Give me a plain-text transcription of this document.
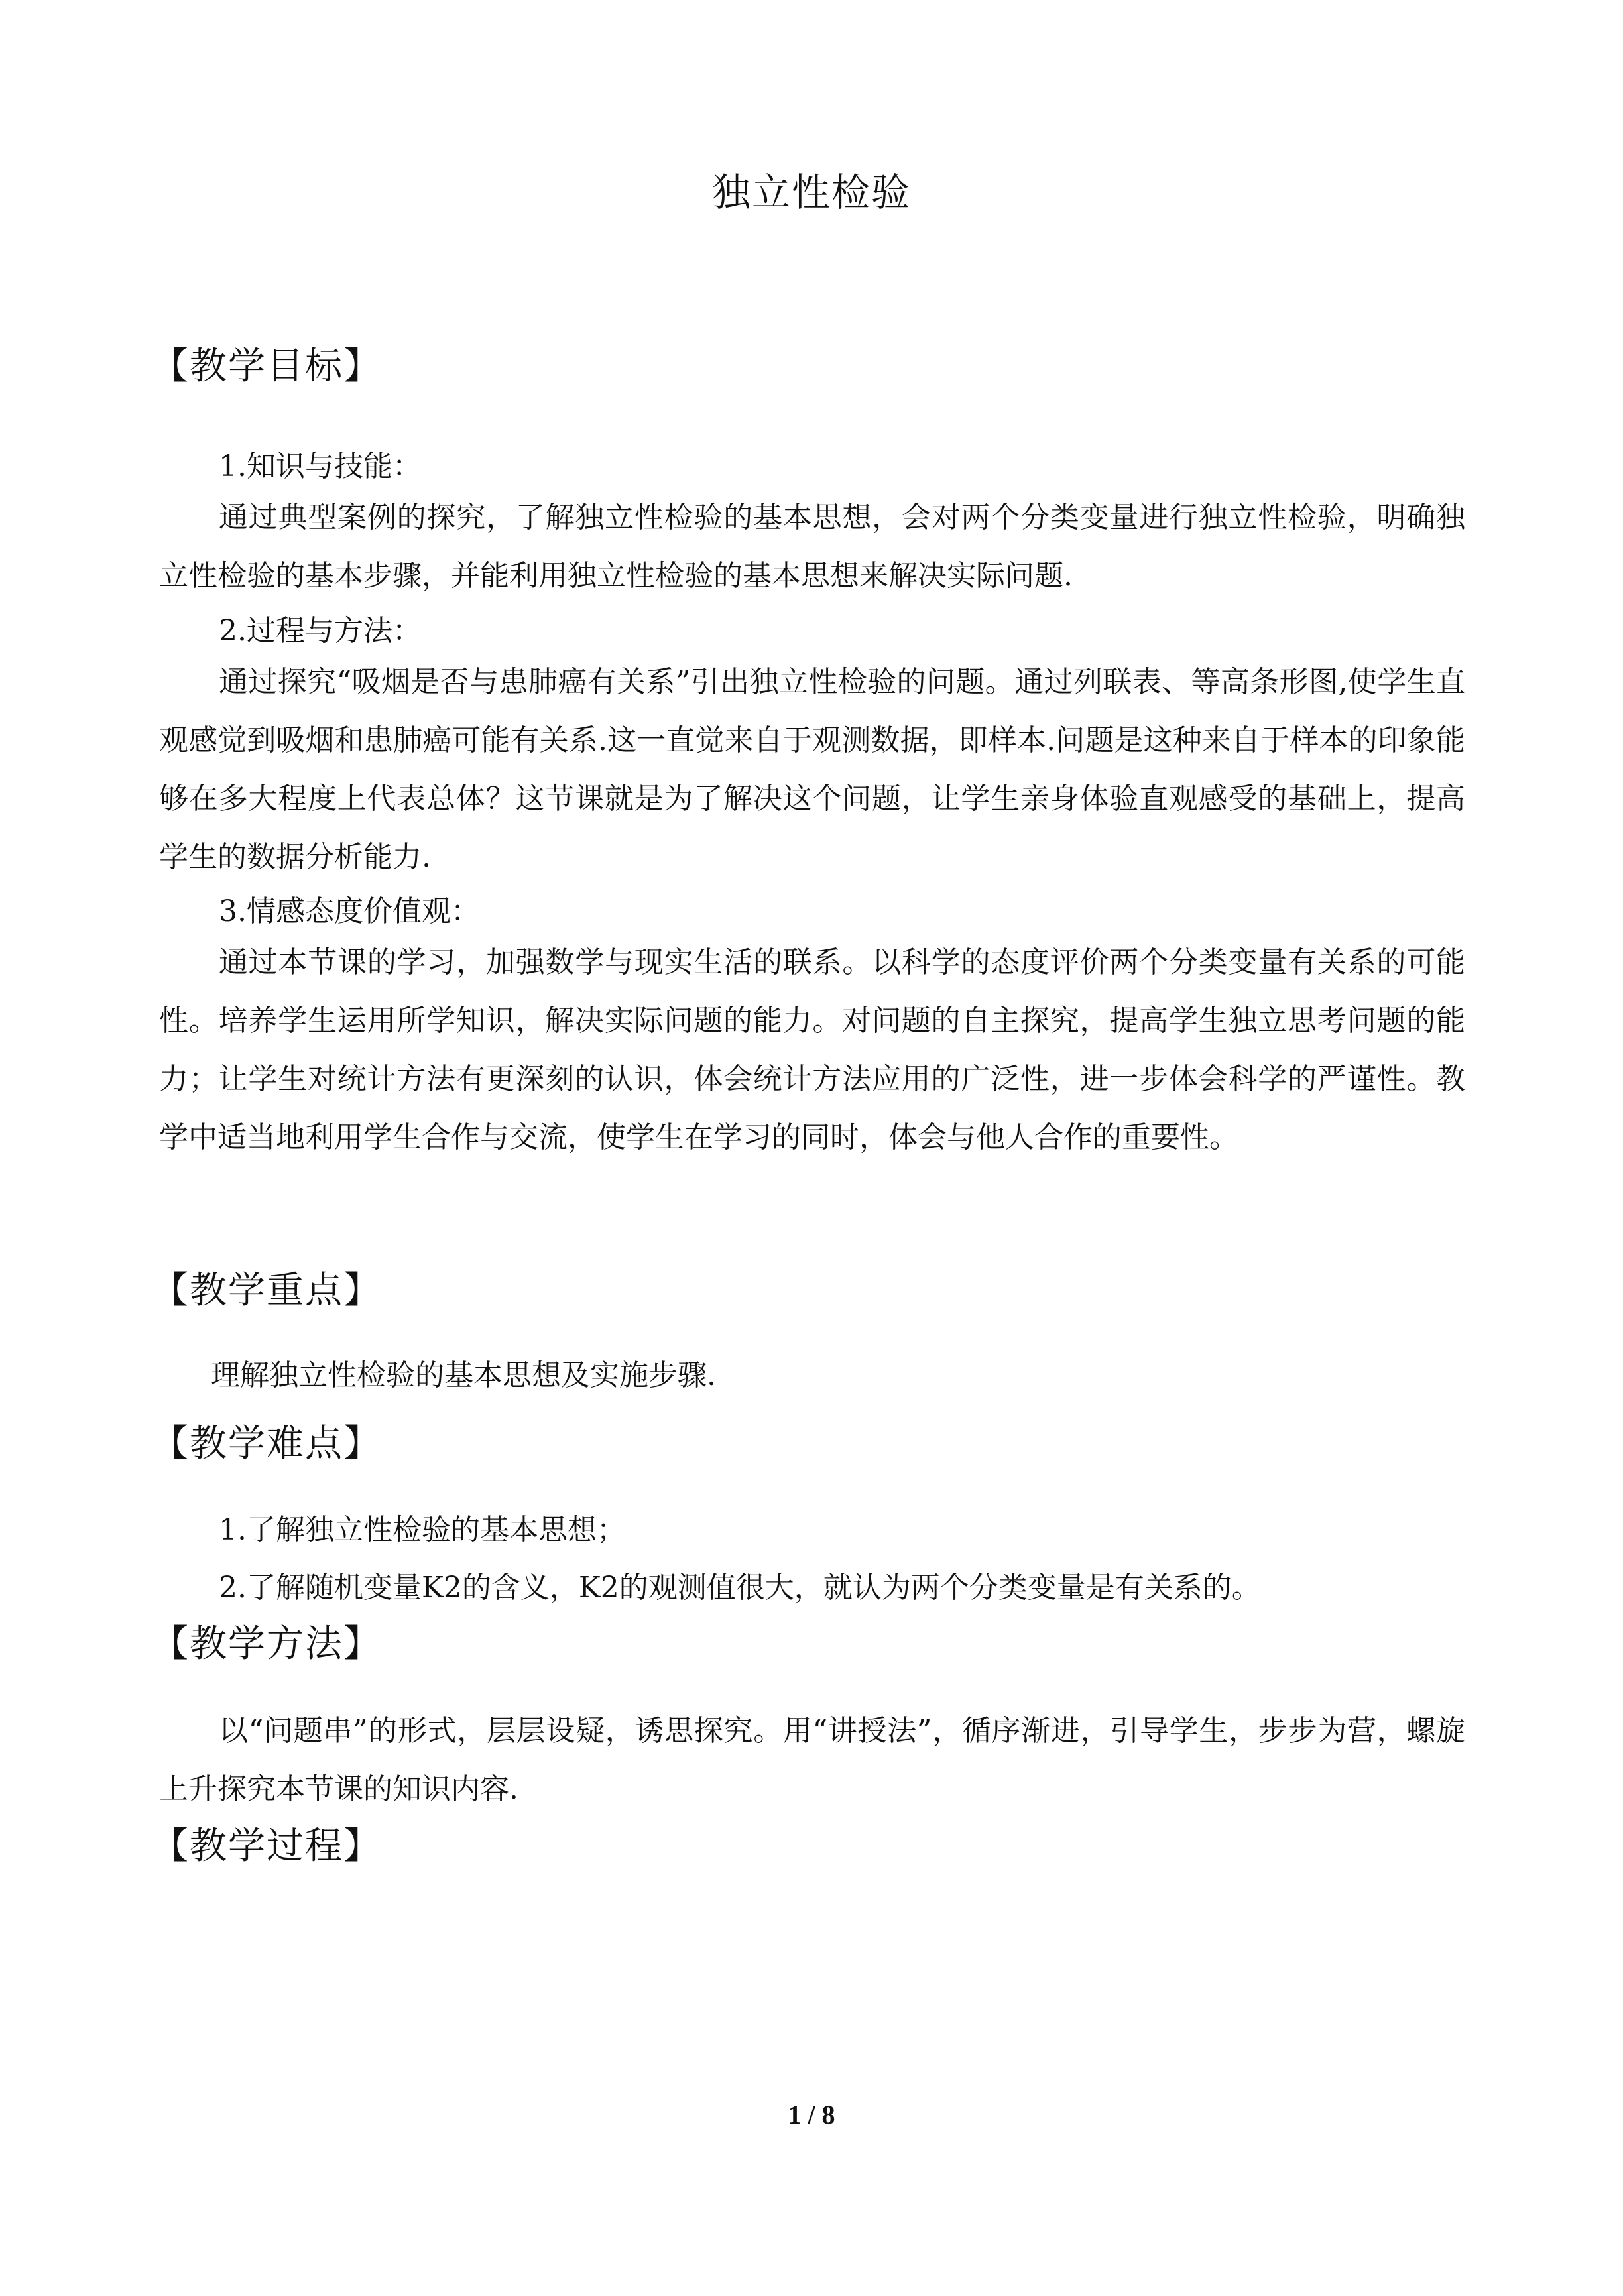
独立性检验
【教学目标】
1.知识与技能：

通过典型案例的探究，了解独立性检验的基本思想，会对两个分类变量进行独立性检验，明确独立性检验的基本步骤，并能利用独立性检验的基本思想来解决实际问题.

2.过程与方法：

通过探究“吸烟是否与患肺癌有关系”引出独立性检验的问题。通过列联表、等高条形图,使学生直观感觉到吸烟和患肺癌可能有关系.这一直觉来自于观测数据，即样本.问题是这种来自于样本的印象能够在多大程度上代表总体？这节课就是为了解决这个问题，让学生亲身体验直观感受的基础上，提高学生的数据分析能力.

3.情感态度价值观：

通过本节课的学习，加强数学与现实生活的联系。以科学的态度评价两个分类变量有关系的可能性。培养学生运用所学知识，解决实际问题的能力。对问题的自主探究，提高学生独立思考问题的能力；让学生对统计方法有更深刻的认识，体会统计方法应用的广泛性，进一步体会科学的严谨性。教学中适当地利用学生合作与交流，使学生在学习的同时，体会与他人合作的重要性。

【教学重点】
理解独立性检验的基本思想及实施步骤.
【教学难点】
1.了解独立性检验的基本思想；
2.了解随机变量K2的含义，K2的观测值很大，就认为两个分类变量是有关系的。
【教学方法】

以“问题串”的形式，层层设疑，诱思探究。用“讲授法”，循序渐进，引导学生，步步为营，螺旋上升探究本节课的知识内容.

【教学过程】
1 / 8
